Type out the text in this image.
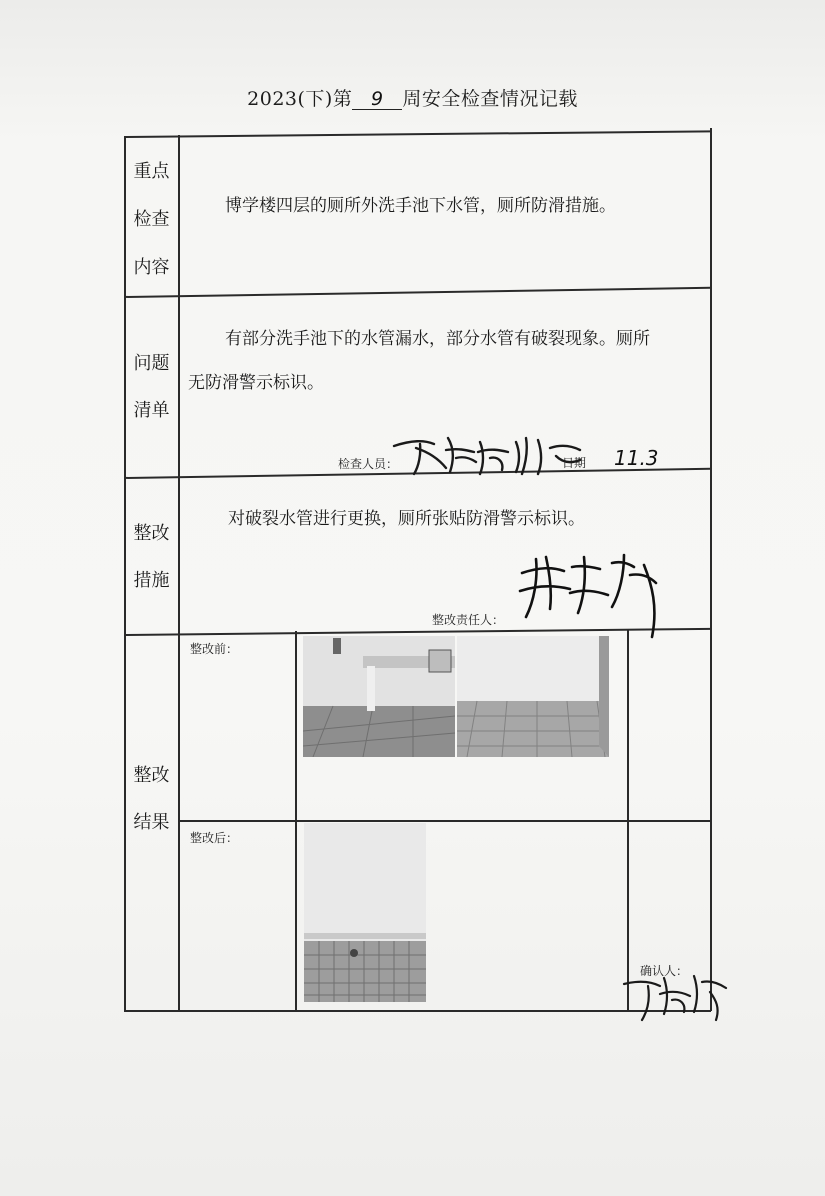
2023(下)第 9 周安全检查情况记载
重点
检查
内容
博学楼四层的厕所外洗手池下水管，厕所防滑措施。
问题
清单
有部分洗手池下的水管漏水，部分水管有破裂现象。厕所
无防滑警示标识。
检查人员：	日期 11.3
整改
措施
对破裂水管进行更换，厕所张贴防滑警示标识。
整改责任人：
整改
结果
整改前：
整改后：
确认人：
